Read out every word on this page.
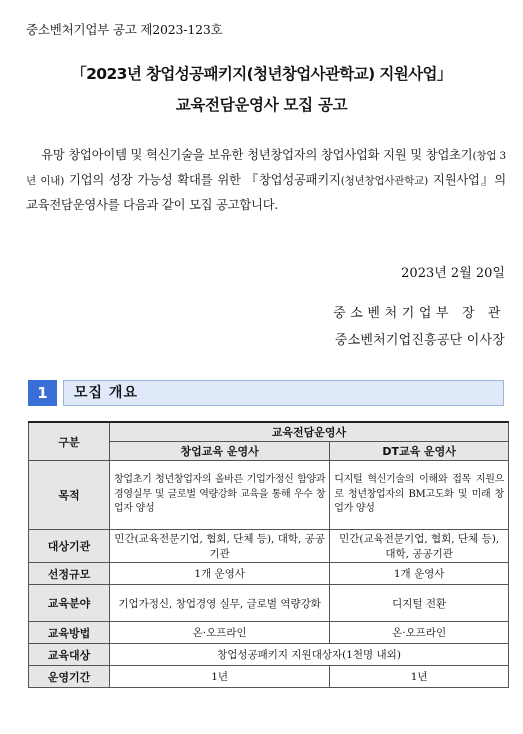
중소벤처기업부 공고 제2023-123호
「2023년 창업성공패키지(청년창업사관학교) 지원사업」
교육전담운영사 모집 공고
유망 창업아이템 및 혁신기술을 보유한 청년창업자의 창업사업화 지원 및 창업초기(창업 3년 이내) 기업의 성장 가능성 확대를 위한 『창업성공패키지(청년창업사관학교) 지원사업』의 교육전담운영사를 다음과 같이 모집 공고합니다.
2023년 2월 20일
중소벤처기업부 장 관
중소벤처기업진흥공단 이사장
1	모집 개요
구분	교육전담운영사	
	창업교육 운영사	DT교육 운영사
목적	창업초기 청년창업자의 올바른 기업가정신 함양과 경영실무 및 글로벌 역량강화 교육을 통해 우수 창업자 양성	디지털 혁신기술의 이해와 접목 지원으로 청년창업자의 BM고도화 및 미래 창업가 양성
대상기관	민간(교육전문기업, 협회, 단체 등), 대학, 공공기관	민간(교육전문기업, 협회, 단체 등), 대학, 공공기관
선정규모	1개 운영사	1개 운영사
교육분야	기업가정신, 창업경영 실무, 글로벌 역량강화	디지털 전환
교육방법	온·오프라인	온·오프라인
교육대상	창업성공패키지 지원대상자(1천명 내외)	
운영기간	1년	1년
